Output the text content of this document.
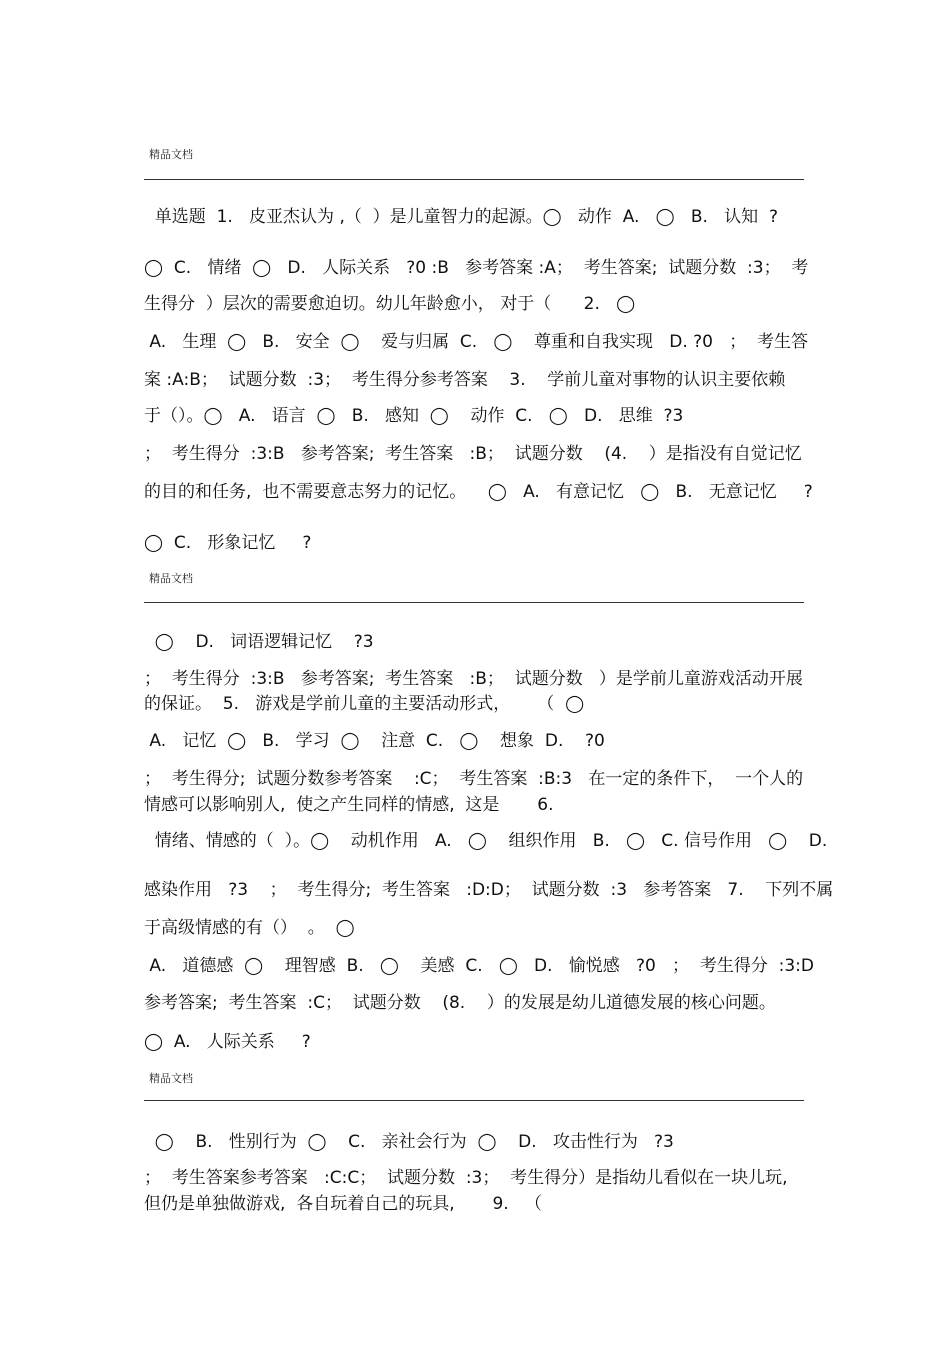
精品文档
单选题  1.   皮亚杰认为 ,（  ）是儿童智力的起源。◯   动作  A.   ◯   B.   认知  ?
◯  C.   情绪  ◯   D.   人际关系   ?0 :B   参考答案 :A；  考生答案;  试题分数  :3；  考
生得分  ）层次的需要愈迫切。幼儿年龄愈小， 对于（      2.   ◯
A.   生理  ◯   B.   安全  ◯    爱与归属  C.   ◯    尊重和自我实现   D. ?0   ；  考生答
案 :A:B；  试题分数  :3；  考生得分参考答案    3.    学前儿童对事物的认识主要依赖
于（）。◯   A.   语言  ◯   B.   感知  ◯    动作  C.   ◯   D.   思维  ?3
；  考生得分  :3:B   参考答案;  考生答案   :B；  试题分数    (4.    ）是指没有自觉记忆
的目的和任务,  也不需要意志努力的记忆。    ◯   A.   有意记忆   ◯   B.   无意记忆     ?
◯  C.   形象记忆     ?
精品文档
◯    D.   词语逻辑记忆    ?3
；  考生得分  :3:B   参考答案;  考生答案   :B；  试题分数   ）是学前儿童游戏活动开展
的保证。  5.   游戏是学前儿童的主要活动形式，     （  ◯
A.   记忆  ◯   B.   学习  ◯    注意  C.   ◯    想象  D.    ?0
；  考生得分;  试题分数参考答案    :C；  考生答案  :B:3   在一定的条件下，  一个人的
情感可以影响别人,  使之产生同样的情感,  这是       6.
情绪、情感的（  ）。◯    动机作用   A.   ◯    组织作用   B.   ◯   C. 信号作用   ◯    D.
感染作用   ?3    ；  考生得分;  考生答案   :D:D；  试题分数  :3   参考答案   7.    下列不属
于高级情感的有（）  。  ◯
A.   道德感  ◯    理智感  B.   ◯    美感  C.   ◯   D.   愉悦感   ?0   ；  考生得分  :3:D
参考答案;  考生答案  :C；  试题分数    (8.    ）的发展是幼儿道德发展的核心问题。
◯  A.   人际关系     ?
精品文档
◯    B.   性别行为  ◯    C.   亲社会行为  ◯    D.   攻击性行为   ?3
；  考生答案参考答案   :C:C；  试题分数  :3；  考生得分）是指幼儿看似在一块儿玩,
但仍是单独做游戏,  各自玩着自己的玩具,       9.   （
